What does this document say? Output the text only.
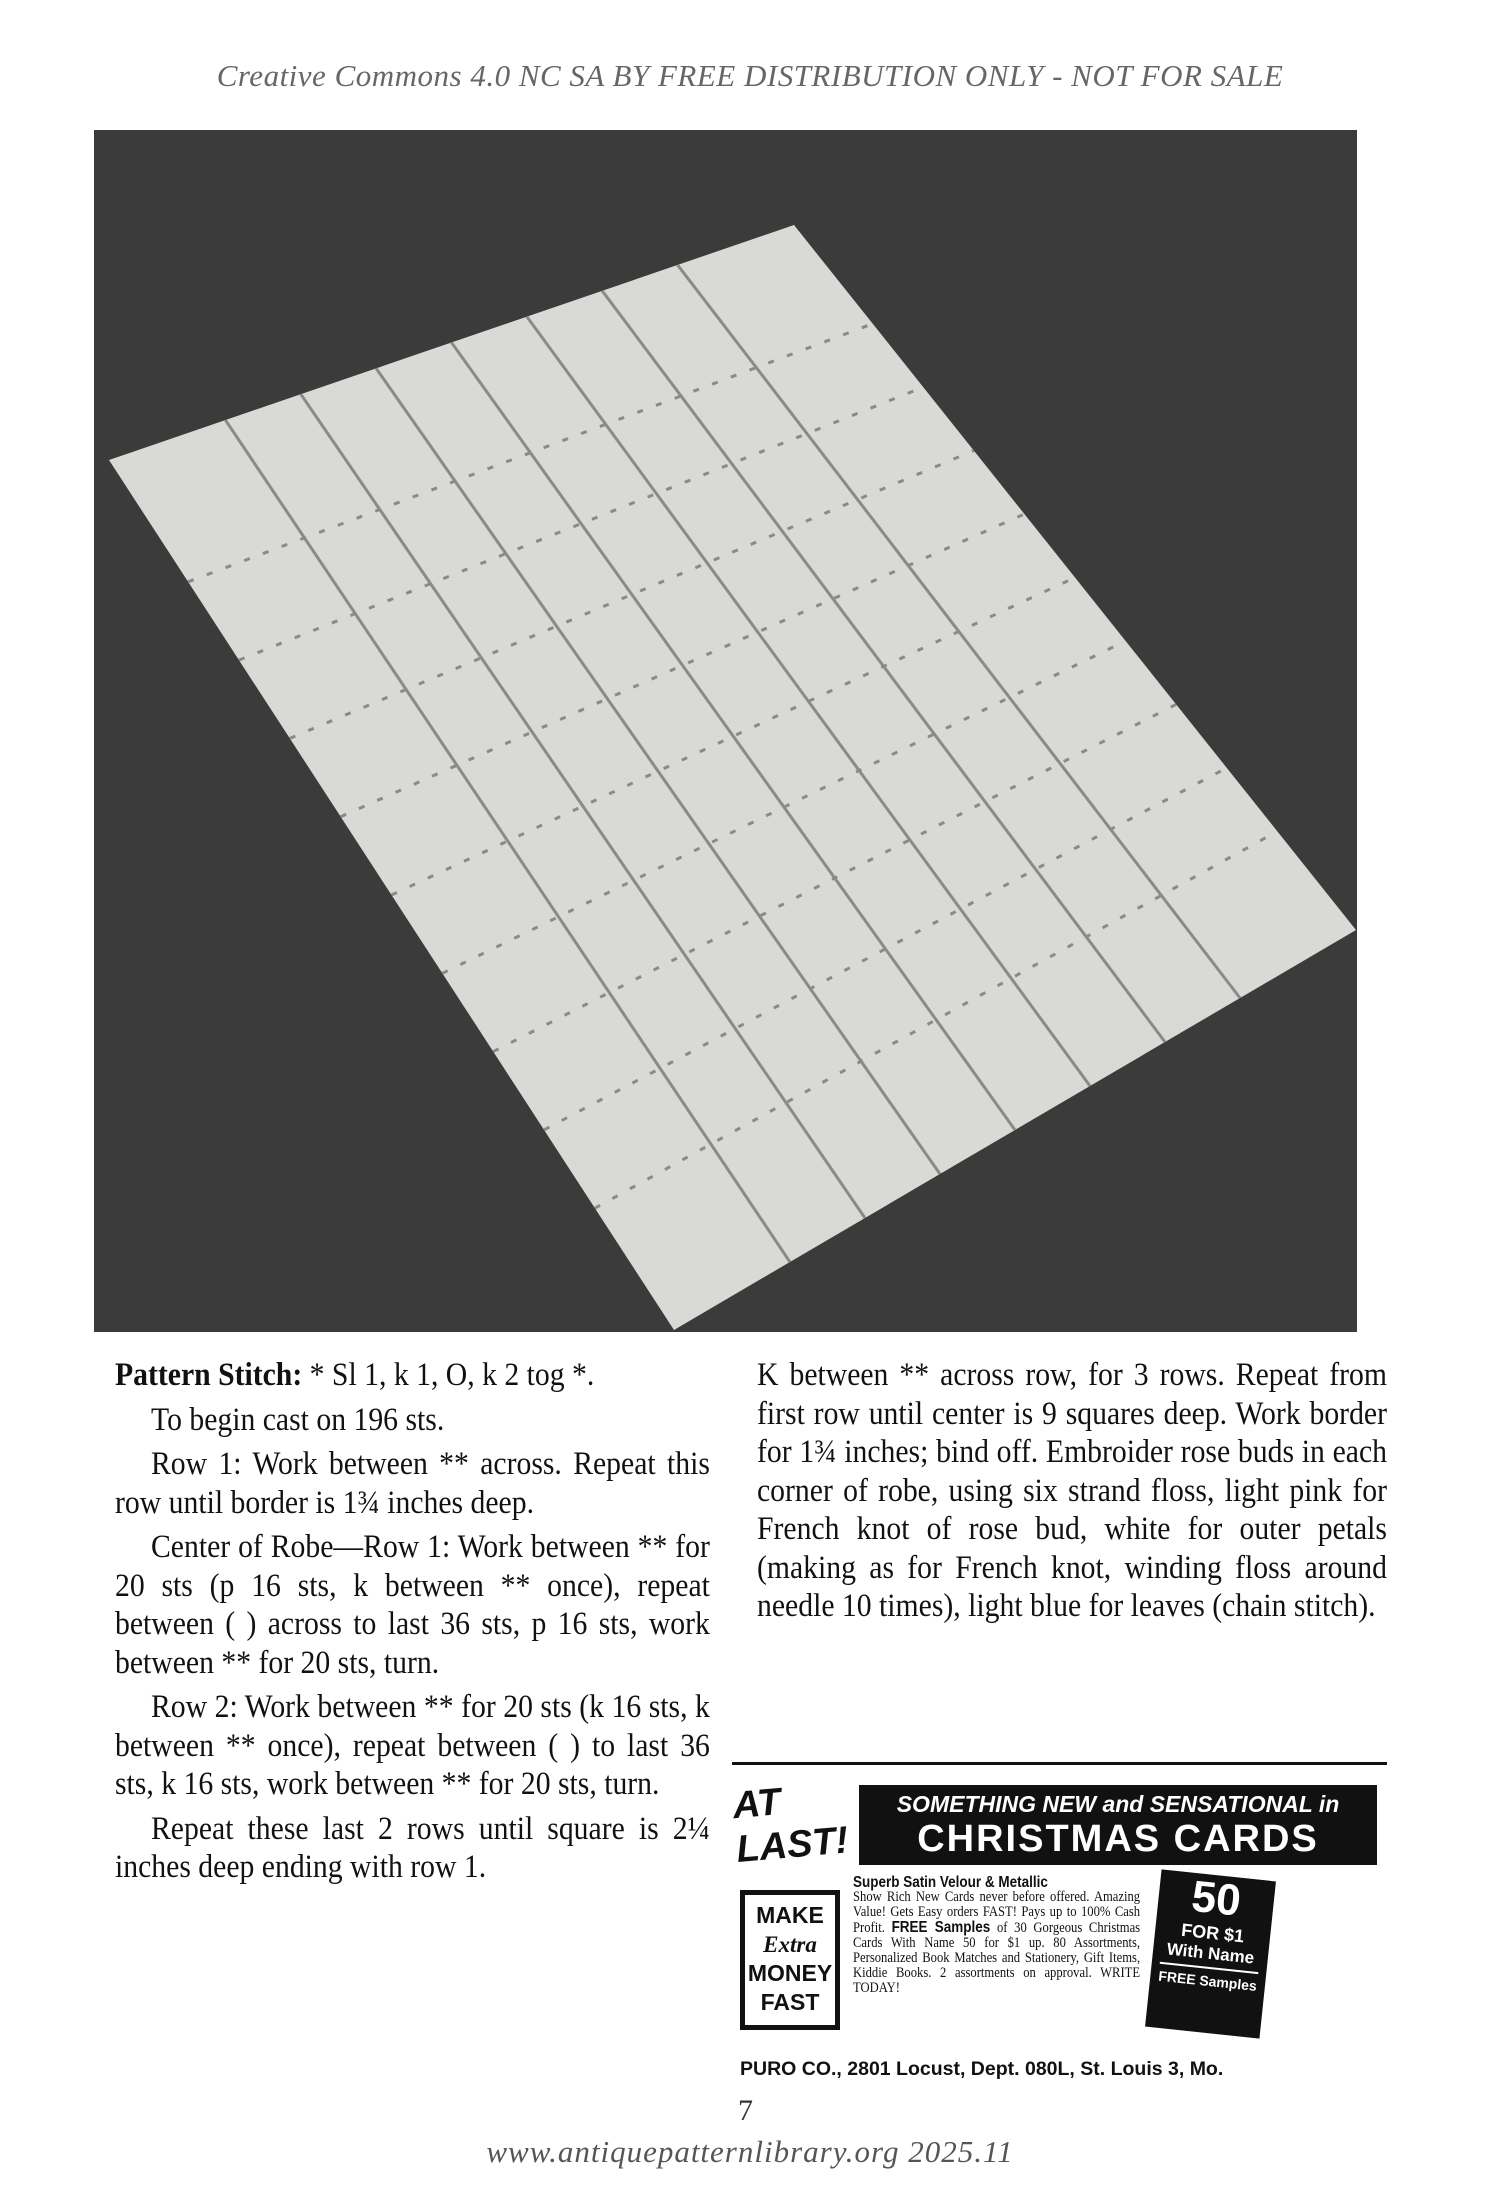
Creative Commons 4.0 NC SA BY FREE DISTRIBUTION ONLY - NOT FOR SALE

Pattern Stitch: * Sl 1, k 1, O, k 2 tog *.

To begin cast on 196 sts.

Row 1: Work between ** across. Repeat this row until border is 1¾ inches deep.

Center of Robe—Row 1: Work between ** for 20 sts (p 16 sts, k between ** once), repeat between ( ) across to last 36 sts, p 16 sts, work between ** for 20 sts, turn.

Row 2: Work between ** for 20 sts (k 16 sts, k between ** once), repeat between ( ) to last 36 sts, k 16 sts, work between ** for 20 sts, turn.

Repeat these last 2 rows until square is 2¼ inches deep ending with row 1.

K between ** across row, for 3 rows. Repeat from first row until center is 9 squares deep. Work border for 1¾ inches; bind off. Embroider rose buds in each corner of robe, using six strand floss, light pink for French knot of rose bud, white for outer petals (making as for French knot, winding floss around needle 10 times), light blue for leaves (chain stitch).

AT
LAST!
SOMETHING NEW and SENSATIONAL in
CHRISTMAS CARDS
MAKE
Extra
MONEY
FAST
Superb Satin Velour & Metallic
Show Rich New Cards never before offered. Amazing Value! Gets Easy orders FAST! Pays up to 100% Cash Profit. FREE Samples of 30 Gorgeous Christmas Cards With Name 50 for $1 up. 80 Assortments, Personalized Book Matches and Stationery, Gift Items, Kiddie Books. 2 assortments on approval. WRITE TODAY!
50
FOR $1
With Name
FREE Samples
PURO CO., 2801 Locust, Dept. 080L, St. Louis 3, Mo.
7
www.antiquepatternlibrary.org 2025.11
